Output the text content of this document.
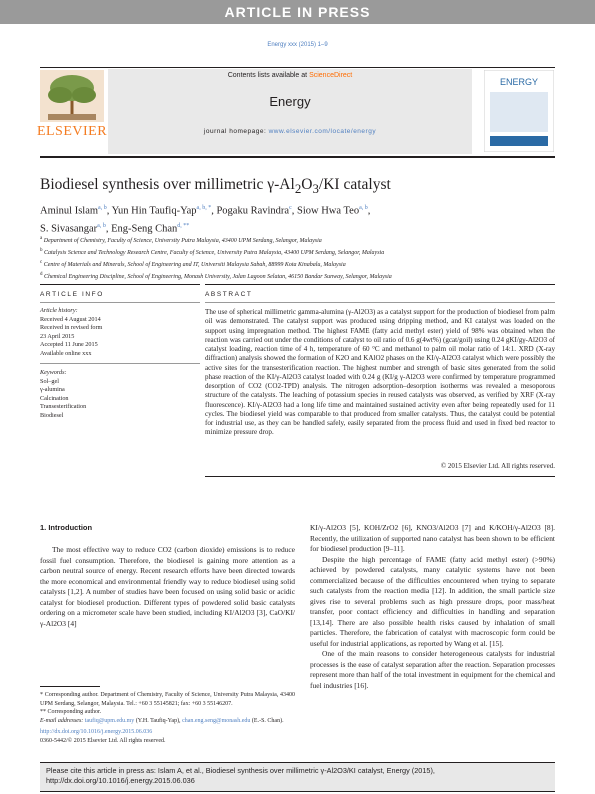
ARTICLE IN PRESS
Energy xxx (2015) 1–9
Contents lists available at ScienceDirect
Energy
journal homepage: www.elsevier.com/locate/energy
ELSEVIER
ENERGY
Biodiesel synthesis over millimetric $\gamma-Al_2O_3/KI$ catalyst
Aminul Islam$^{a, b}$, Yun Hin Taufiq-Yap$^{a, b, *}$, Pogaku Ravindra$^c$, Siow Hwa Teo$^{a, b}$,
S. Sivasangar$^{a, b}$, Eng-Seng Chan$^{d, **}$
$^a$ Department of Chemistry, Faculty of Science, University Putra Malaysia, 43400 UPM Serdang, Selangor, Malaysia
$^b$ Catalysis Science and Technology Research Centre, Faculty of Science, University Putra Malaysia, 43400 UPM Serdang, Selangor, Malaysia
$^c$ Centre of Materials and Minerals, School of Engineering and IT, Universiti Malaysia Sabah, 88999 Kota Kinabalu, Malaysia
$^d$ Chemical Engineering Discipline, School of Engineering, Monash University, Jalan Lagoon Selatan, 46150 Bandar Sunway, Selangor, Malaysia
ARTICLE INFO	ABSTRACT
Article history:
Received 4 August 2014
Received in revised form
23 April 2015
Accepted 11 June 2015
Available online xxx
Keywords:
Sol–gel
γ-alumina
Calcination
Transesterification
Biodiesel
The use of spherical millimetric gamma-alumina (γ-Al2O3) as a catalyst support for the production of biodiesel from palm oil was demonstrated. The catalyst support was produced using dripping method, and KI catalyst was loaded on the support using impregnation method. The highest FAME (fatty acid methyl ester) yield of 98% was obtained when the reaction was carried out under the conditions of catalyst to oil ratio of 0.6 g(4wt%) (gcat/goil) using 0.24 gKI/gγ-Al2O3 of catalyst loading, reaction time of 4 h, temperature of 60 °C and methanol to palm oil molar ratio of 14:1. XRD (X-ray diffraction) analysis showed the formation of K2O and KAlO2 phases on the KI/γ-Al2O3 catalyst which were possibly the active sites for the transesterification reaction. The highest number and strength of basic sites generated from the solid phase reaction of the KI/γ-Al2O3 catalyst loaded with 0.24 g (KI/g γ-Al2O3 were confirmed by temperature programmed desorption of CO2 (CO2-TPD) analysis. The nitrogen adsorption–desorption isotherms was revealed a mesoporous structure of the catalysts. The leaching of potassium species in reused catalysts was observed, as verified by XRF (X-ray fluorescence). KI/γ-Al2O3 had a long life time and maintained sustained activity even after being repeatedly used for 11 cycles. The biodiesel yield was comparable to that produced from smaller catalysts. Thus, the catalyst could be potential for industrial use, as they can be handled safely, easily separated from the process fluid and used in fixed bed reactor to minimize pressure drop.
© 2015 Elsevier Ltd. All rights reserved.
1. Introduction

The most effective way to reduce CO2 (carbon dioxide) emissions is to reduce fossil fuel consumption. Therefore, the biodiesel is gaining more attention as a carbon neutral source of energy. Recent research efforts have been directed towards the more economical and environmental friendly way to reduce biodiesel using solid catalysts [1,2]. A number of studies have been focused on using solid basic or acidic catalyst for biodiesel production. Different types of powdered solid basic catalysts ordering on a micrometer scale have been studied, including KI/Al2O3 [3], CaO/KI/γ-Al2O3 [4]

KI/γ-Al2O3 [5], KOH/ZrO2 [6], KNO3/Al2O3 [7] and K/KOH/γ-Al2O3 [8]. Recently, the utilization of supported nano catalyst has been shown to be efficient for biodiesel production [9–11].

Despite the high percentage of FAME (fatty acid methyl ester) (>90%) achieved by powdered catalysts, many catalytic systems have not been commercialized because of the difficulties encountered when trying to separate such catalysts from the reaction media [12]. In addition, the small particle size gives rise to several problems such as high pressure drops, poor mass/heat transfer, poor contact efficiency and difficulties in handling and separation [13,14]. There are also possible health risks caused by inhalation of small particles. Therefore, the fabrication of catalyst with macroscopic form could be useful for industrial applications, as reported by Wang et al. [15].

One of the main reasons to consider heterogeneous catalysts for industrial processes is the ease of catalyst separation after the reaction. Separation processes represent more than half of the total investment in equipment for the chemical and fuel industries [16].

* Corresponding author. Department of Chemistry, Faculty of Science, University Putra Malaysia, 43400 UPM Serdang, Selangor, Malaysia. Tel.: +60 3 55145821; fax: +60 3 55146207.
** Corresponding author.
E-mail addresses: taufiq@upm.edu.my (Y.H. Taufiq-Yap), chan.eng.seng@monash.edu (E.-S. Chan).
http://dx.doi.org/10.1016/j.energy.2015.06.036
0360-5442/© 2015 Elsevier Ltd. All rights reserved.
Please cite this article in press as: Islam A, et al., Biodiesel synthesis over millimetric γ-Al2O3/KI catalyst, Energy (2015), http://dx.doi.org/10.1016/j.energy.2015.06.036
